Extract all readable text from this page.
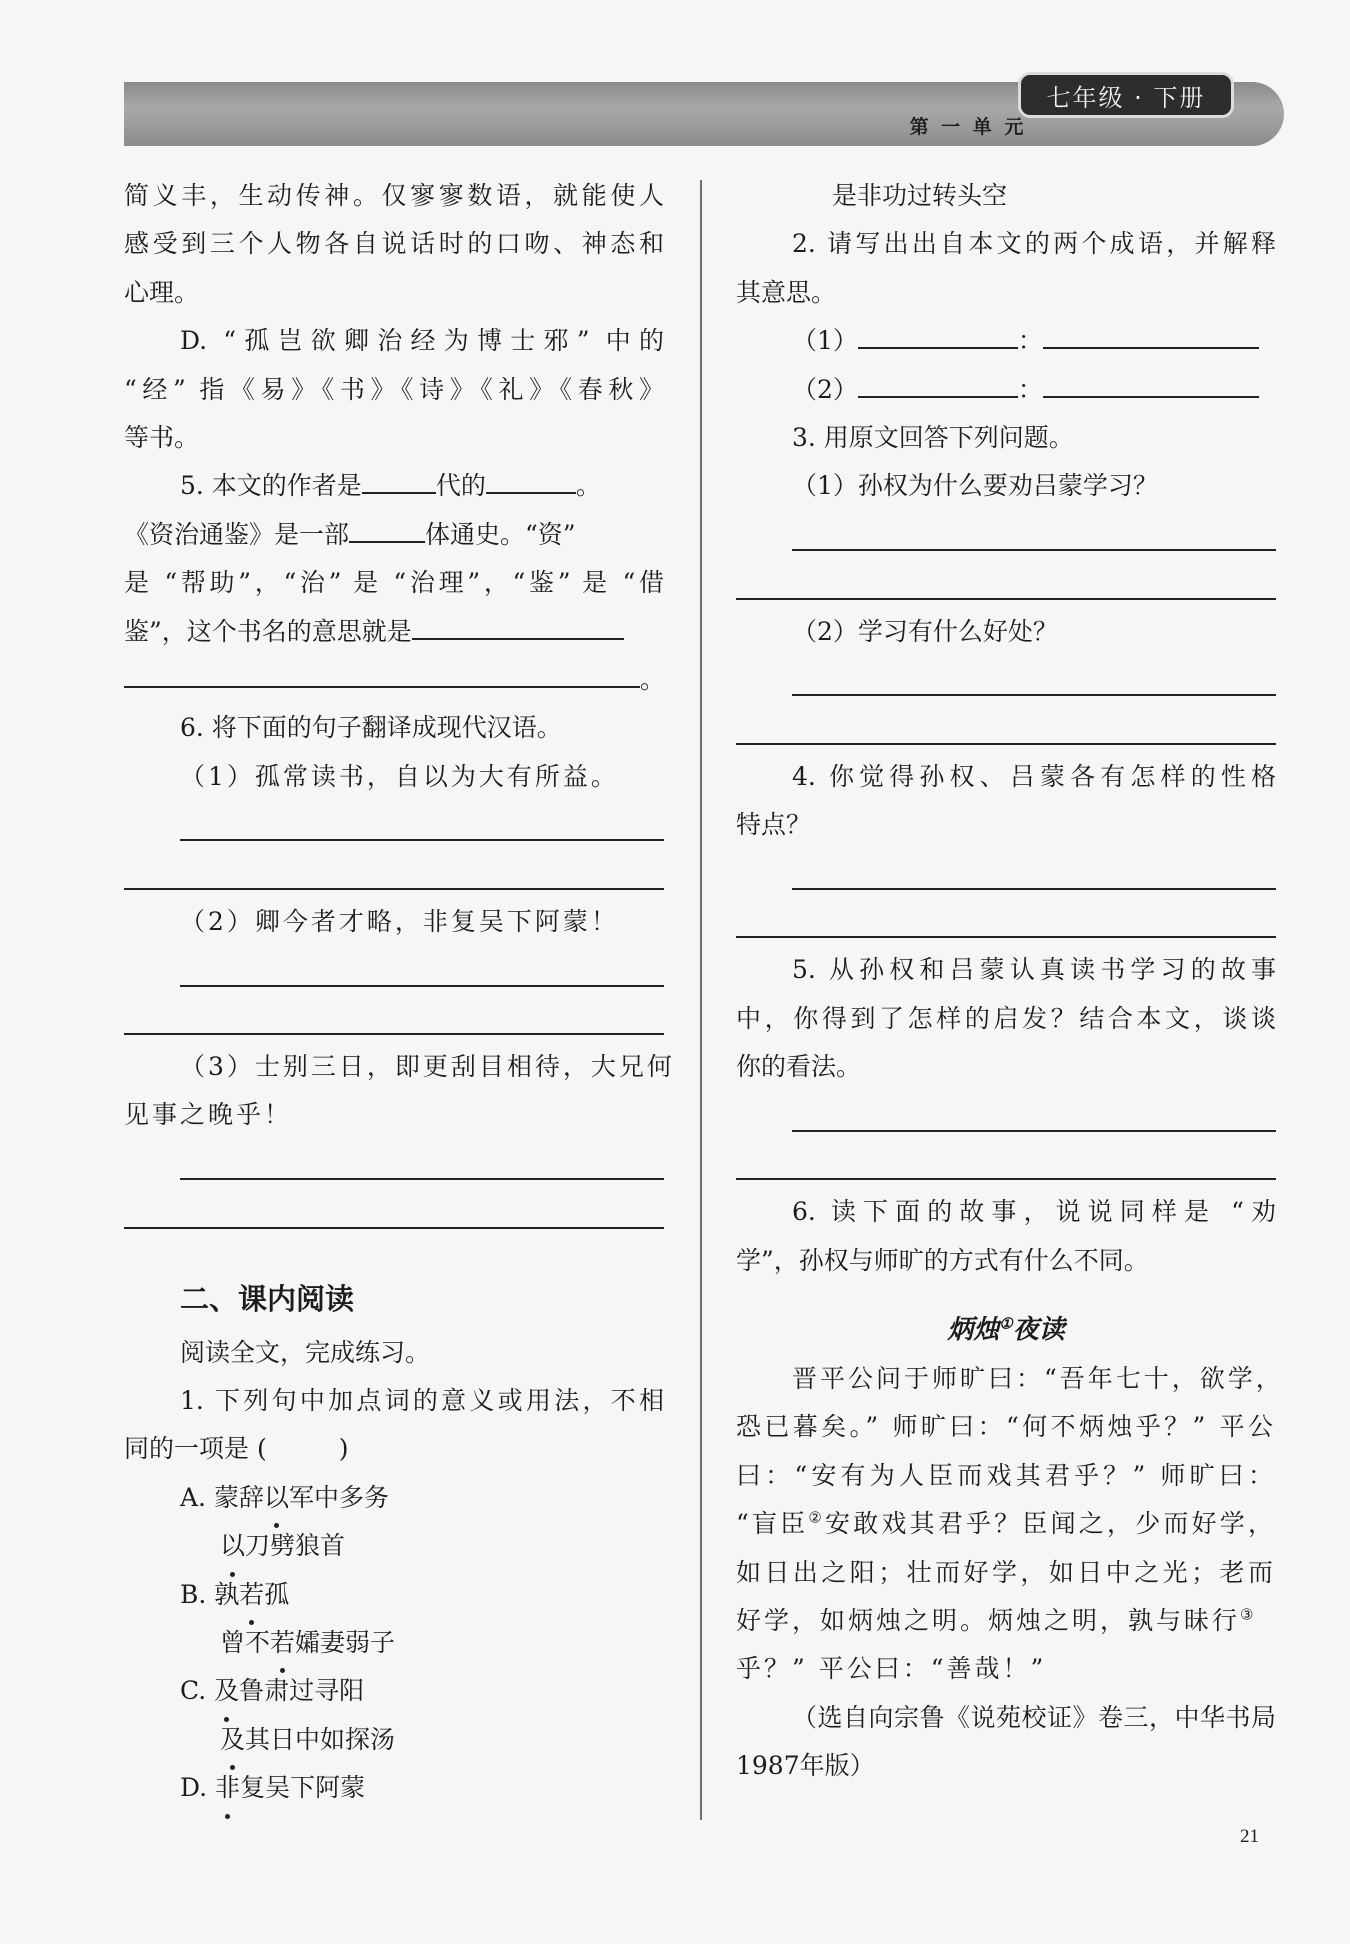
七年级 · 下册
第 一 单 元
简义丰，生动传神。仅寥寥数语，就能使人
感受到三个人物各自说话时的口吻、神态和
心理。
D. “孤岂欲卿治经为博士邪” 中的
“经” 指《易》《书》《诗》《礼》《春秋》
等书。
5. 本文的作者是	代的	。
《资治通鉴》是一部	体通史。“资”
是 “帮助”，“治” 是 “治理”，“鉴” 是 “借
鉴”，这个书名的意思就是
。
6. 将下面的句子翻译成现代汉语。
（1）孤常读书，自以为大有所益。
（2）卿今者才略，非复吴下阿蒙！
（3）士别三日，即更刮目相待，大兄何
见事之晚乎！
二、课内阅读
阅读全文，完成练习。
1. 下列句中加点词的意义或用法，不相
同的一项是 (	)
A. 蒙辞以军中多务
以刀劈狼首
B. 孰若孤
曾不若孀妻弱子
C. 及鲁肃过寻阳
及其日中如探汤
D. 非复吴下阿蒙
是非功过转头空
2. 请写出出自本文的两个成语，并解释
其意思。
（1）	：
（2）	：
3. 用原文回答下列问题。
（1）孙权为什么要劝吕蒙学习？
（2）学习有什么好处？
4. 你觉得孙权、吕蒙各有怎样的性格
特点？
5. 从孙权和吕蒙认真读书学习的故事
中，你得到了怎样的启发？结合本文，谈谈
你的看法。
6. 读下面的故事，说说同样是 “劝
学”，孙权与师旷的方式有什么不同。
炳烛①夜读
晋平公问于师旷曰：“吾年七十，欲学，
恐已暮矣。” 师旷曰：“何不炳烛乎？” 平公
曰：“安有为人臣而戏其君乎？” 师旷曰：
“盲臣②安敢戏其君乎？臣闻之，少而好学，
如日出之阳；壮而好学，如日中之光；老而
好学，如炳烛之明。炳烛之明，孰与昧行③
乎？” 平公曰：“善哉！”
（选自向宗鲁《说苑校证》卷三，中华书局
1987年版）
21
